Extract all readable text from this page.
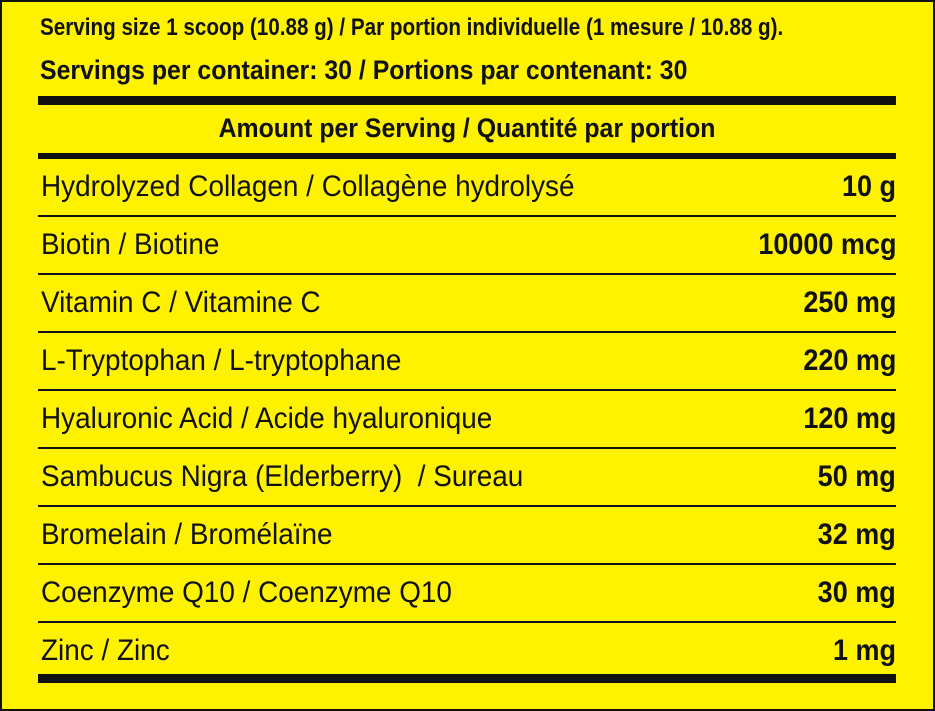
Serving size 1 scoop (10.88 g) / Par portion individuelle (1 mesure / 10.88 g).
Servings per container: 30 / Portions par contenant: 30
Amount per Serving / Quantité par portion
Hydrolyzed Collagen / Collagène hydrolysé	10 g
Biotin / Biotine	10000 mcg
Vitamin C / Vitamine C	250 mg
L-Tryptophan / L-tryptophane	220 mg
Hyaluronic Acid / Acide hyaluronique	120 mg
Sambucus Nigra (Elderberry)  / Sureau	50 mg
Bromelain / Bromélaïne	32 mg
Coenzyme Q10 / Coenzyme Q10	30 mg
Zinc / Zinc	1 mg
